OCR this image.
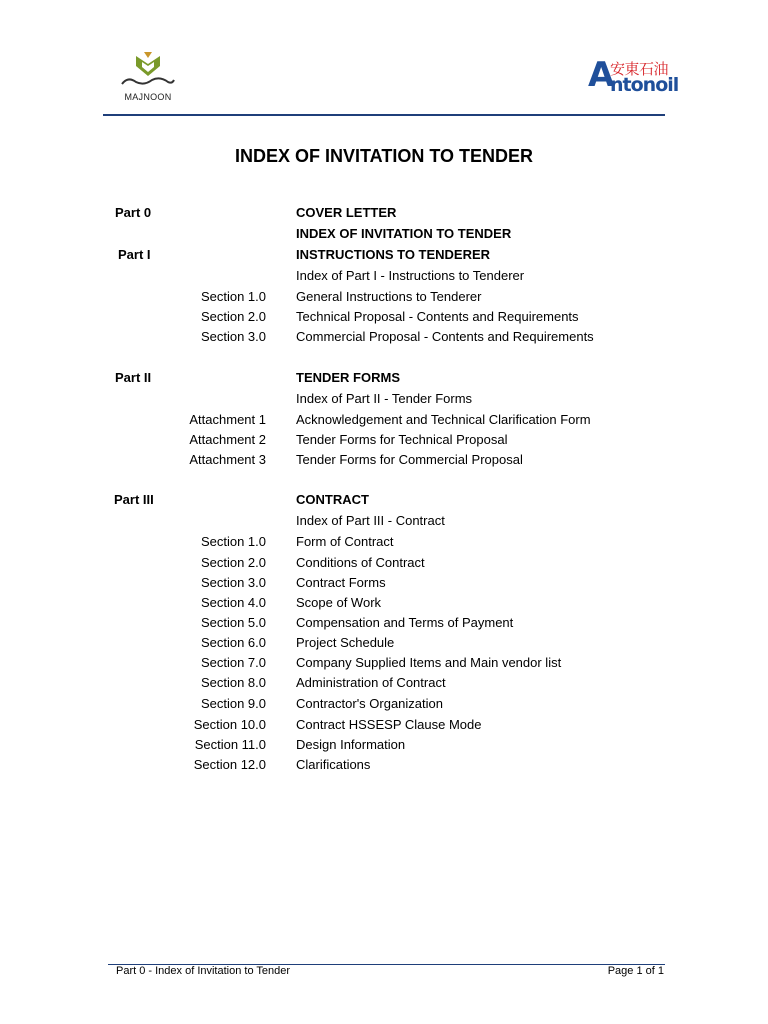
MAJNOON
A
安東石油
ntonoil
INDEX OF INVITATION TO TENDER
Part 0	COVER LETTER
INDEX OF INVITATION TO TENDER
Part I	INSTRUCTIONS TO TENDERER
Index of Part I - Instructions to Tenderer
Section 1.0 General Instructions to Tenderer
Section 2.0 Technical Proposal - Contents and Requirements
Section 3.0 Commercial Proposal - Contents and Requirements
Part II	TENDER FORMS
Index of Part II - Tender Forms
Attachment 1 Acknowledgement and Technical Clarification Form
Attachment 2 Tender Forms for Technical Proposal
Attachment 3 Tender Forms for Commercial Proposal
Part III	CONTRACT
Index of Part III - Contract
Section 1.0 Form of Contract
Section 2.0 Conditions of Contract
Section 3.0 Contract Forms
Section 4.0 Scope of Work
Section 5.0 Compensation and Terms of Payment
Section 6.0 Project Schedule
Section 7.0 Company Supplied Items and Main vendor list
Section 8.0 Administration of Contract
Section 9.0 Contractor's Organization
Section 10.0 Contract HSSESP Clause Mode
Section 11.0 Design Information
Section 12.0 Clarifications
Part 0 - Index of Invitation to Tender	Page 1 of 1
